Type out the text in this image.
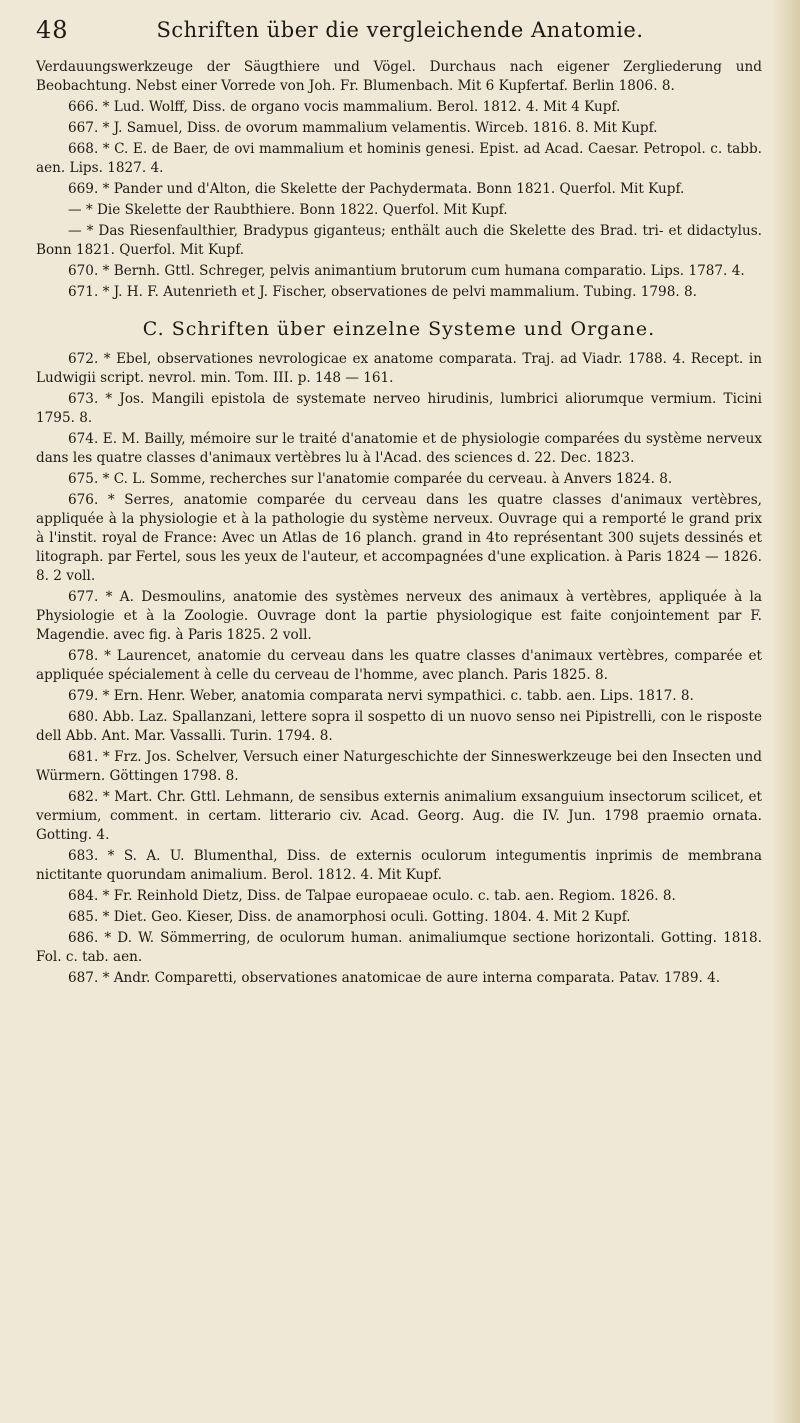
48	Schriften über die vergleichende Anatomie.

Verdauungswerkzeuge der Säugthiere und Vögel. Durchaus nach eigener Zergliederung und Beobachtung. Nebst einer Vorrede von Joh. Fr. Blumenbach. Mit 6 Kupfertaf. Berlin 1806. 8.

666. * Lud. Wolff, Diss. de organo vocis mammalium. Berol. 1812. 4. Mit 4 Kupf.

667. * J. Samuel, Diss. de ovorum mammalium velamentis. Wirceb. 1816. 8. Mit Kupf.

668. * C. E. de Baer, de ovi mammalium et hominis genesi. Epist. ad Acad. Caesar. Petropol. c. tabb. aen. Lips. 1827. 4.

669. * Pander und d'Alton, die Skelette der Pachydermata. Bonn 1821. Querfol. Mit Kupf.

— * Die Skelette der Raubthiere. Bonn 1822. Querfol. Mit Kupf.

— * Das Riesenfaulthier, Bradypus giganteus; enthält auch die Skelette des Brad. tri- et didactylus. Bonn 1821. Querfol. Mit Kupf.

670. * Bernh. Gttl. Schreger, pelvis animantium brutorum cum humana comparatio. Lips. 1787. 4.

671. * J. H. F. Autenrieth et J. Fischer, observationes de pelvi mammalium. Tubing. 1798. 8.

C. Schriften über einzelne Systeme und Organe.

672. * Ebel, observationes nevrologicae ex anatome comparata. Traj. ad Viadr. 1788. 4. Recept. in Ludwigii script. nevrol. min. Tom. III. p. 148 — 161.

673. * Jos. Mangili epistola de systemate nerveo hirudinis, lumbrici aliorumque vermium. Ticini 1795. 8.

674. E. M. Bailly, mémoire sur le traité d'anatomie et de physiologie comparées du système nerveux dans les quatre classes d'animaux vertèbres lu à l'Acad. des sciences d. 22. Dec. 1823.

675. * C. L. Somme, recherches sur l'anatomie comparée du cerveau. à Anvers 1824. 8.

676. * Serres, anatomie comparée du cerveau dans les quatre classes d'animaux vertèbres, appliquée à la physiologie et à la pathologie du système nerveux. Ouvrage qui a remporté le grand prix à l'instit. royal de France: Avec un Atlas de 16 planch. grand in 4to représentant 300 sujets dessinés et litograph. par Fertel, sous les yeux de l'auteur, et accompagnées d'une explication. à Paris 1824 — 1826. 8. 2 voll.

677. * A. Desmoulins, anatomie des systèmes nerveux des animaux à vertèbres, appliquée à la Physiologie et à la Zoologie. Ouvrage dont la partie physiologique est faite conjointement par F. Magendie. avec fig. à Paris 1825. 2 voll.

678. * Laurencet, anatomie du cerveau dans les quatre classes d'animaux vertèbres, comparée et appliquée spécialement à celle du cerveau de l'homme, avec planch. Paris 1825. 8.

679. * Ern. Henr. Weber, anatomia comparata nervi sympathici. c. tabb. aen. Lips. 1817. 8.

680. Abb. Laz. Spallanzani, lettere sopra il sospetto di un nuovo senso nei Pipistrelli, con le risposte dell Abb. Ant. Mar. Vassalli. Turin. 1794. 8.

681. * Frz. Jos. Schelver, Versuch einer Naturgeschichte der Sinneswerkzeuge bei den Insecten und Würmern. Göttingen 1798. 8.

682. * Mart. Chr. Gttl. Lehmann, de sensibus externis animalium exsanguium insectorum scilicet, et vermium, comment. in certam. litterario civ. Acad. Georg. Aug. die IV. Jun. 1798 praemio ornata. Gotting. 4.

683. * S. A. U. Blumenthal, Diss. de externis oculorum integumentis inprimis de membrana nictitante quorundam animalium. Berol. 1812. 4. Mit Kupf.

684. * Fr. Reinhold Dietz, Diss. de Talpae europaeae oculo. c. tab. aen. Regiom. 1826. 8.

685. * Diet. Geo. Kieser, Diss. de anamorphosi oculi. Gotting. 1804. 4. Mit 2 Kupf.

686. * D. W. Sömmerring, de oculorum human. animaliumque sectione horizontali. Gotting. 1818. Fol. c. tab. aen.

687. * Andr. Comparetti, observationes anatomicae de aure interna comparata. Patav. 1789. 4.
